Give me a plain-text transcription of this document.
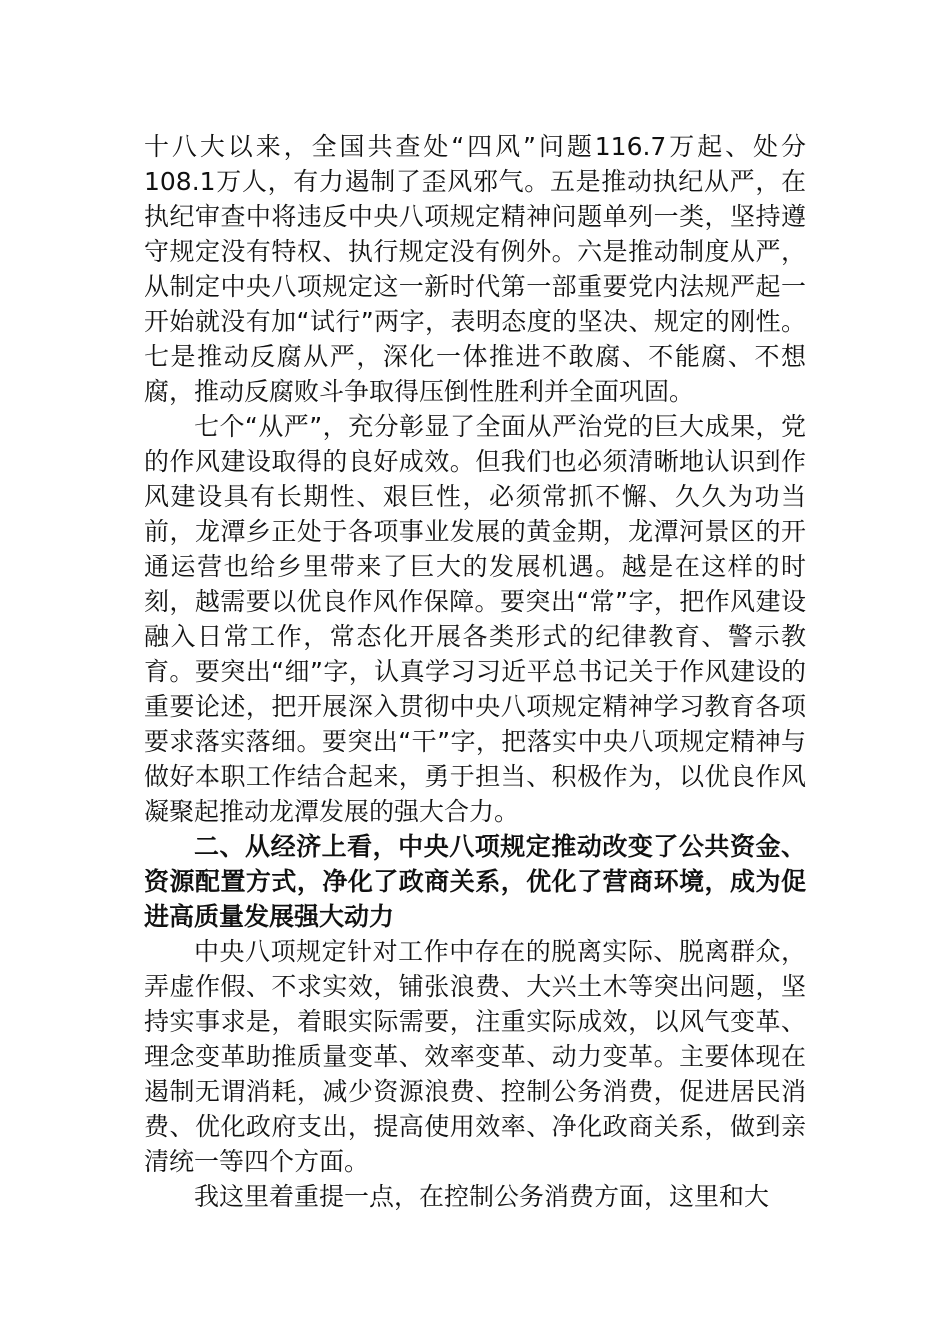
十八大以来，全国共查处“四风”问题116.7万起、处分108.1万人，有力遏制了歪风邪气。五是推动执纪从严，在执纪审查中将违反中央八项规定精神问题单列一类，坚持遵守规定没有特权、执行规定没有例外。六是推动制度从严，从制定中央八项规定这一新时代第一部重要党内法规严起一开始就没有加“试行”两字，表明态度的坚决、规定的刚性。七是推动反腐从严，深化一体推进不敢腐、不能腐、不想腐，推动反腐败斗争取得压倒性胜利并全面巩固。

七个“从严”，充分彰显了全面从严治党的巨大成果，党的作风建设取得的良好成效。但我们也必须清晰地认识到作风建设具有长期性、艰巨性，必须常抓不懈、久久为功当前，龙潭乡正处于各项事业发展的黄金期，龙潭河景区的开通运营也给乡里带来了巨大的发展机遇。越是在这样的时刻，越需要以优良作风作保障。要突出“常”字，把作风建设融入日常工作，常态化开展各类形式的纪律教育、警示教育。要突出“细”字，认真学习习近平总书记关于作风建设的重要论述，把开展深入贯彻中央八项规定精神学习教育各项要求落实落细。要突出“干”字，把落实中央八项规定精神与做好本职工作结合起来，勇于担当、积极作为，以优良作风凝聚起推动龙潭发展的强大合力。

二、从经济上看，中央八项规定推动改变了公共资金、资源配置方式，净化了政商关系，优化了营商环境，成为促进高质量发展强大动力

中央八项规定针对工作中存在的脱离实际、脱离群众，弄虚作假、不求实效，铺张浪费、大兴土木等突出问题，坚持实事求是，着眼实际需要，注重实际成效，以风气变革、理念变革助推质量变革、效率变革、动力变革。主要体现在遏制无谓消耗，减少资源浪费、控制公务消费，促进居民消费、优化政府支出，提高使用效率、净化政商关系，做到亲清统一等四个方面。

我这里着重提一点，在控制公务消费方面，这里和大
